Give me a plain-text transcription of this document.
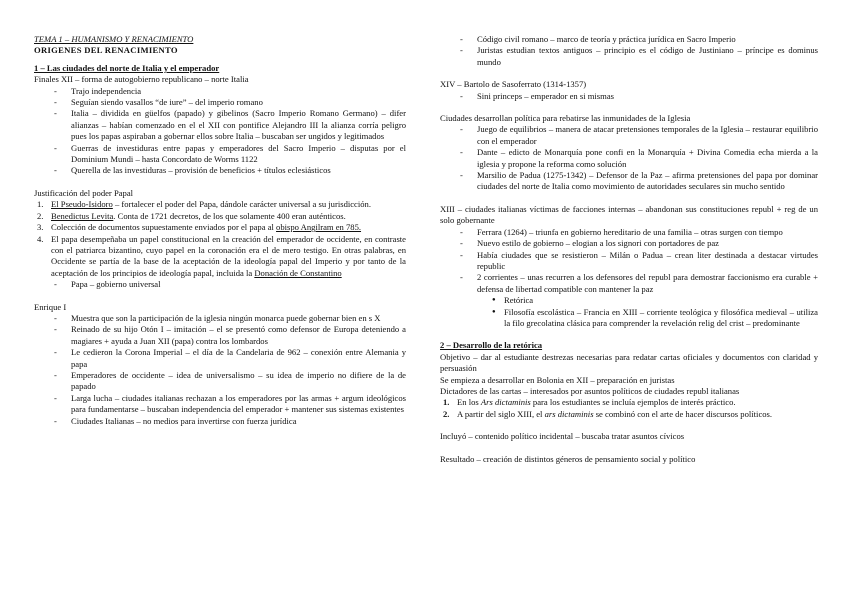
TEMA 1 – HUMANISMO Y RENACIMIENTO
ORIGENES DEL RENACIMIENTO
1 – Las ciudades del norte de Italia y el emperador
Finales XII – forma de autogobierno republicano – norte Italia
- Trajo independencia
- Seguían siendo vasallos “de iure” – del imperio romano
- Italia – dividida en güelfos (papado) y gibelinos (Sacro Imperio Romano Germano) – difer alianzas – habían comenzado en el el XII con pontifice Alejandro III la alianza corría peligro pues los papas aspiraban a gobernar ellos sobre Italia – buscaban ser ungidos y legitimados
- Guerras de investiduras entre papas y emperadores del Sacro Imperio – disputas por el Dominium Mundi – hasta Concordato de Worms 1122
- Querella de las investiduras – provisión de beneficios + títulos eclesiásticos
Justificación del poder Papal
1. El Pseudo-Isidoro – fortalecer el poder del Papa, dándole carácter universal a su jurisdicción.
2. Benedictus Levita. Conta de 1721 decretos, de los que solamente 400 eran auténticos.
3. Colección de documentos supuestamente enviados por el papa al obispo Angilram en 785.
4. El papa desempeñaba un papel constitucional en la creación del emperador de occidente, en contraste con el patriarca bizantino, cuyo papel en la coronación era el de mero testigo. En otras palabras, en Occidente se partía de la base de la aceptación de la ideología papal del Imperio y por tanto de la aceptación de los principios de ideología papal, incluida la Donación de Constantino
- Papa – gobierno universal
Enrique I
- Muestra que son la participación de la iglesia ningún monarca puede gobernar bien en s X
- Reinado de su hijo Otón I – imitación – el se presentó como defensor de Europa deteniendo a magiares + ayuda a Juan XII (papa) contra los lombardos
- Le cedieron la Corona Imperial – el día de la Candelaria de 962 – conexión entre Alemania y papa
- Emperadores de occidente – idea de universalismo – su idea de imperio no difiere de la de papado
- Larga lucha – ciudades italianas rechazan a los emperadores por las armas + argum ideológicos para fundamentarse – buscaban independencia del emperador + mantener sus sistemas existentes
- Ciudades Italianas – no medios para invertirse con fuerza jurídica
- Código civil romano – marco de teoría y práctica jurídica en Sacro Imperio
- Juristas estudian textos antiguos – principio es el código de Justiniano – príncipe es dominus mundo
XIV – Bartolo de Sasoferrato (1314-1357)
- Sini princeps – emperador en si mismas
Ciudades desarrollan política para rebatirse las inmunidades de la Iglesia
- Juego de equilibrios – manera de atacar pretensiones temporales de la Iglesia – restaurar equilibrio con el emperador
- Dante – edicto de Monarquía pone confi en la Monarquía + Divina Comedia echa mierda a la iglesia y propone la reforma como solución
- Marsilio de Padua (1275-1342) – Defensor de la Paz – afirma pretensiones del papa por dominar ciudades del norte de Italia como movimiento de autoridades seculares sin mucho sentido
XIII – ciudades italianas víctimas de facciones internas – abandonan sus constituciones republ + reg de un solo gobernante
- Ferrara (1264) – triunfa en gobierno hereditario de una familia – otras surgen con tiempo
- Nuevo estilo de gobierno – elogian a los signori con portadores de paz
- Había ciudades que se resistieron – Milán o Padua – crean liter destinada a destacar virtudes republic
- 2 corrientes – unas recurren a los defensores del republ para demostrar faccionismo era curable + defensa de libertad compatible con mantener la paz
● Retórica
● Filosofía escolástica – Francia en XIII – corriente teológica y filosófica medieval – utiliza la filo grecolatina clásica para comprender la revelación relig del crist – predominante
2 – Desarrollo de la retórica
Objetivo – dar al estudiante destrezas necesarias para redatar cartas oficiales y documentos con claridad y persuasión
Se empieza a desarrollar en Bolonia en XII – preparación en juristas
Dictadores de las cartas – interesados por asuntos políticos de ciudades republ italianas
1. En los Ars dictaminis para los estudiantes se incluía ejemplos de interés práctico.
2. A partir del siglo XIII, el ars dictaminis se combinó con el arte de hacer discursos políticos.
Incluyó – contenido político incidental – buscaba tratar asuntos cívicos
Resultado – creación de distintos géneros de pensamiento social y político
